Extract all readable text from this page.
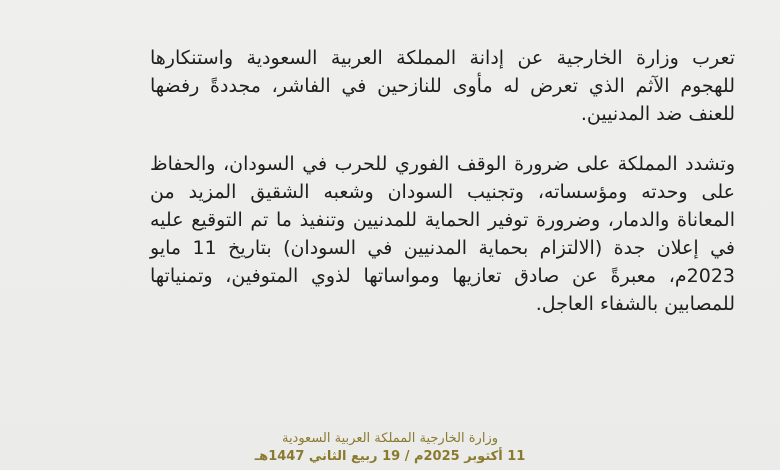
تعرب وزارة الخارجية عن إدانة المملكة العربية السعودية واستنكارها للهجوم الآثم الذي تعرض له مأوى للنازحين في الفاشر، مجددةً رفضها للعنف ضد المدنيين.

وتشدد المملكة على ضرورة الوقف الفوري للحرب في السودان، والحفاظ على وحدته ومؤسساته، وتجنيب السودان وشعبه الشقيق المزيد من المعاناة والدمار، وضرورة توفير الحماية للمدنيين وتنفيذ ما تم التوقيع عليه في إعلان جدة (الالتزام بحماية المدنيين في السودان) بتاريخ 11 مايو 2023م، معبرةً عن صادق تعازيها ومواساتها لذوي المتوفين، وتمنياتها للمصابين بالشفاء العاجل.

وزارة الخارجية المملكة العربية السعودية

11 أكتوبر 2025م / 19 ربيع الثاني 1447هـ
